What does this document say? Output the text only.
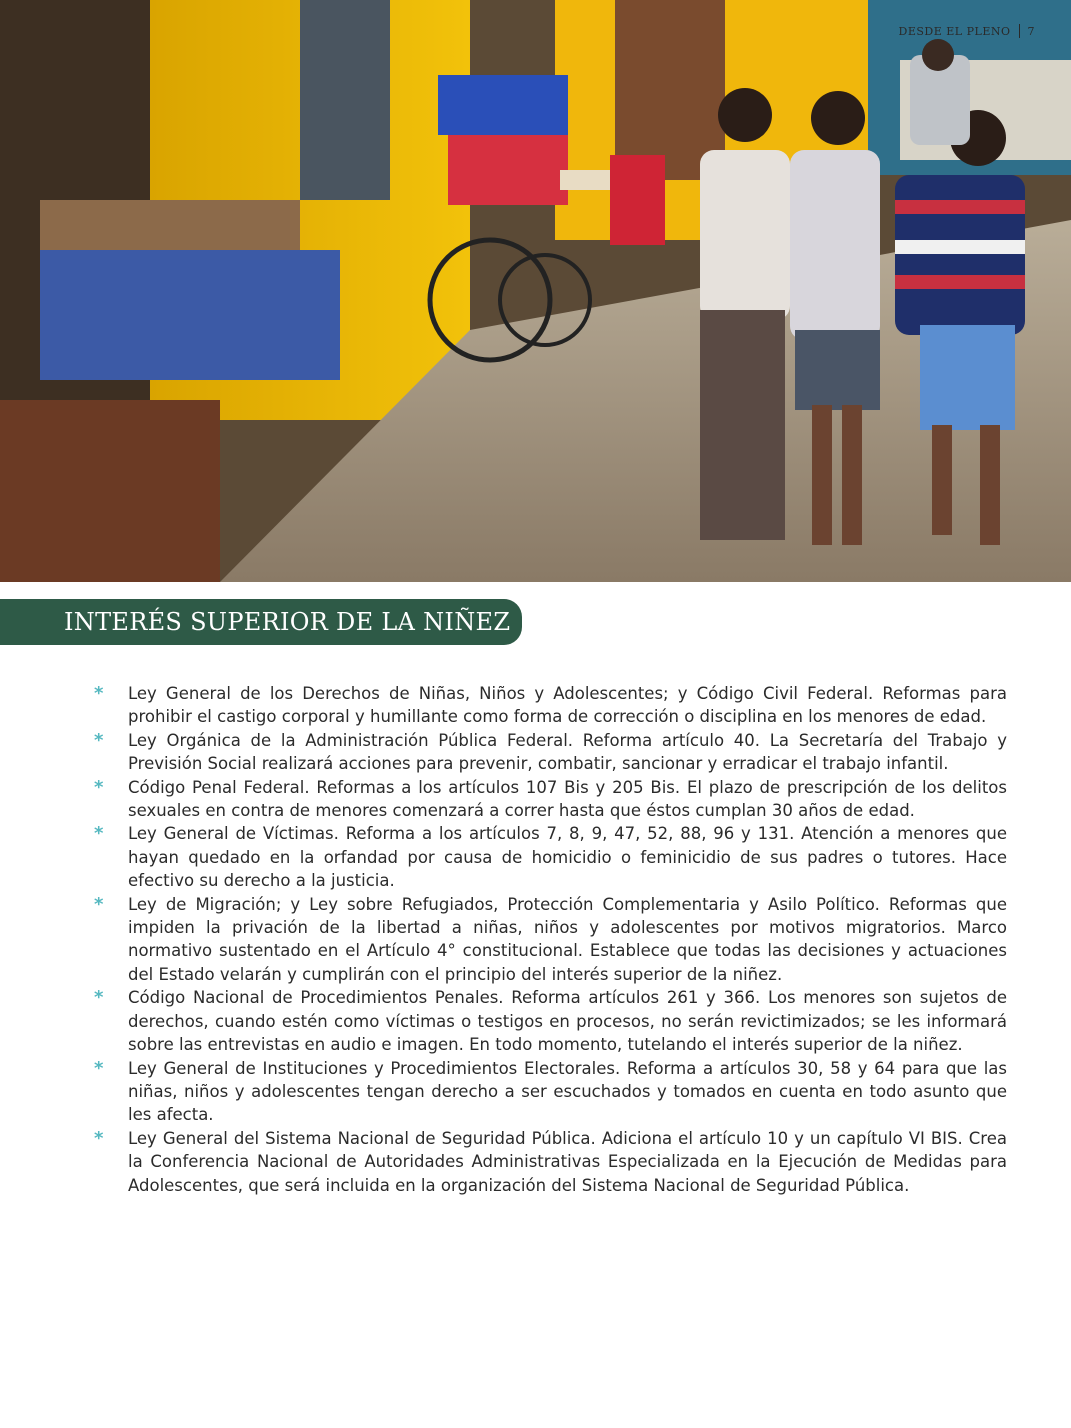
DESDE EL PLENO 7
INTERÉS SUPERIOR DE LA NIÑEZ
* Ley General de los Derechos de Niñas, Niños y Adolescentes; y Código Civil Federal. Reformas para prohibir el castigo corporal y humillante como forma de corrección o disciplina en los menores de edad.
* Ley Orgánica de la Administración Pública Federal. Reforma artículo 40. La Secretaría del Trabajo y Previsión Social realizará acciones para prevenir, combatir, sancionar y erradicar el trabajo infantil.
* Código Penal Federal. Reformas a los artículos 107 Bis y 205 Bis. El plazo de prescripción de los delitos sexuales en contra de menores comenzará a correr hasta que éstos cumplan 30 años de edad.
* Ley General de Víctimas. Reforma a los artículos 7, 8, 9, 47, 52, 88, 96 y 131. Atención a menores que hayan quedado en la orfandad por causa de homicidio o feminicidio de sus padres o tutores. Hace efectivo su derecho a la justicia.
* Ley de Migración; y Ley sobre Refugiados, Protección Complementaria y Asilo Político. Reformas que impiden la privación de la libertad a niñas, niños y adolescentes por motivos migratorios. Marco normativo sustentado en el Artículo 4° constitucional. Establece que todas las decisiones y actuaciones del Estado velarán y cumplirán con el principio del interés superior de la niñez.
* Código Nacional de Procedimientos Penales. Reforma artículos 261 y 366. Los menores son sujetos de derechos, cuando estén como víctimas o testigos en procesos, no serán revictimizados; se les informará sobre las entrevistas en audio e imagen. En todo momento, tutelando el interés superior de la niñez.
* Ley General de Instituciones y Procedimientos Electorales. Reforma a artículos 30, 58 y 64 para que las niñas, niños y adolescentes tengan derecho a ser escuchados y tomados en cuenta en todo asunto que les afecta.
* Ley General del Sistema Nacional de Seguridad Pública. Adiciona el artículo 10 y un capítulo VI BIS. Crea la Conferencia Nacional de Autoridades Administrativas Especializada en la Ejecución de Medidas para Adolescentes, que será incluida en la organización del Sistema Nacional de Seguridad Pública.
